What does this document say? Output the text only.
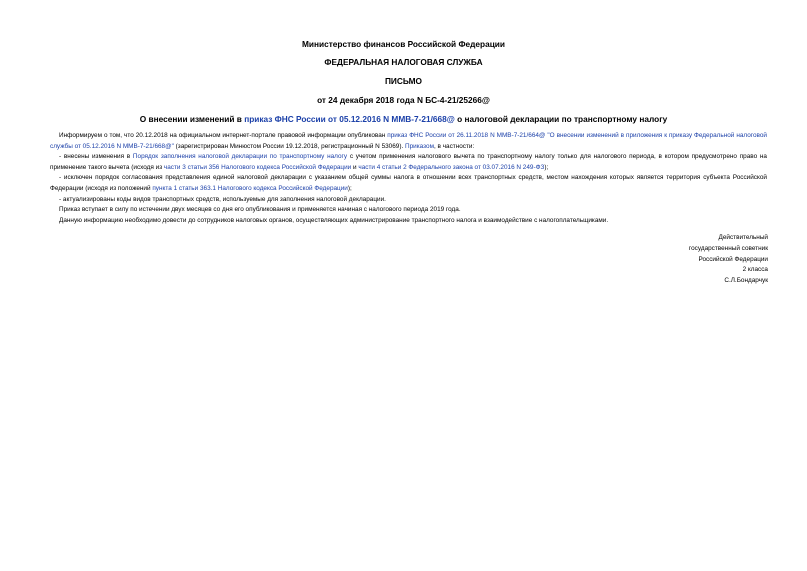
Министерство финансов Российской Федерации
ФЕДЕРАЛЬНАЯ НАЛОГОВАЯ СЛУЖБА
ПИСЬМО
от 24 декабря 2018 года N БС-4-21/25266@
О внесении изменений в приказ ФНС России от 05.12.2016 N ММВ-7-21/668@ о налоговой декларации по транспортному налогу

Информируем о том, что 20.12.2018 на официальном интернет-портале правовой информации опубликован приказ ФНС России от 26.11.2018 N ММВ-7-21/664@ "О внесении изменений в приложения к приказу Федеральной налоговой службы от 05.12.2016 N ММВ-7-21/668@" (зарегистрирован Минюстом России 19.12.2018, регистрационный N 53069). Приказом, в частности:

- внесены изменения в Порядок заполнения налоговой декларации по транспортному налогу с учетом применения налогового вычета по транспортному налогу только для налогового периода, в котором предусмотрено право на применение такого вычета (исходя из части 3 статьи 356 Налогового кодекса Российской Федерации и части 4 статьи 2 Федерального закона от 03.07.2016 N 249-ФЗ);

- исключен порядок согласования представления единой налоговой декларации с указанием общей суммы налога в отношении всех транспортных средств, местом нахождения которых является территория субъекта Российской Федерации (исходя из положений пункта 1 статьи 363.1 Налогового кодекса Российской Федерации);

- актуализированы коды видов транспортных средств, используемые для заполнения налоговой декларации.

Приказ вступает в силу по истечении двух месяцев со дня его опубликования и применяется начиная с налогового периода 2019 года.

Данную информацию необходимо довести до сотрудников налоговых органов, осуществляющих администрирование транспортного налога и взаимодействие с налогоплательщиками.

Действительный
государственный советник
Российской Федерации
2 класса
С.Л.Бондарчук
